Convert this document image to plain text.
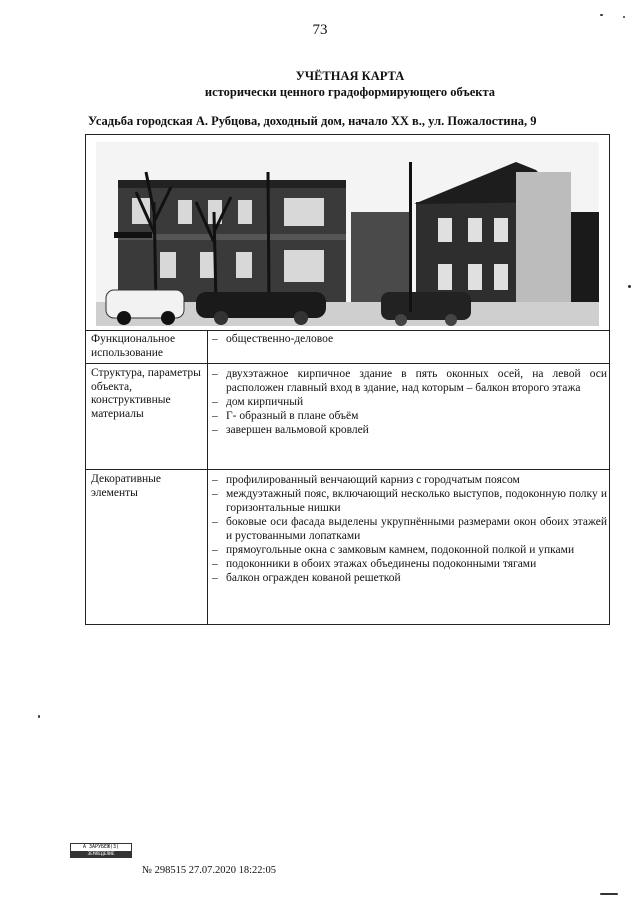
73
УЧЁТНАЯ КАРТА
исторически ценного градоформирующего объекта
Усадьба городская А. Рубцова, доходный дом, начало XX в., ул. Пожалостина, 9
Функциональное использование
– общественно-деловое
Структура, параметры объекта, конструктивные материалы
– двухэтажное кирпичное здание в пять оконных осей, на левой оси расположен главный вход в здание, над которым – балкон второго этажа
– дом кирпичный
– Г- образный в плане объём
– завершен вальмовой кровлей
Декоративные элементы
– профилированный венчающий карниз с городчатым поясом
– междуэтажный пояс, включающий несколько выступов, подоконную полку и горизонтальные нишки
– боковые оси фасада выделены укрупнёнными размерами окон обоих этажей и рустованными лопатками
– прямоугольные окна с замковым камнем, подоконной полкой и упками
– подоконники в обоих этажах объединены подоконными тягами
– балкон огражден кованой решеткой
А ЗАРУБЕЖ(3)
ЗЕМЛЕДЕЛИЕ
№ 298515 27.07.2020 18:22:05
